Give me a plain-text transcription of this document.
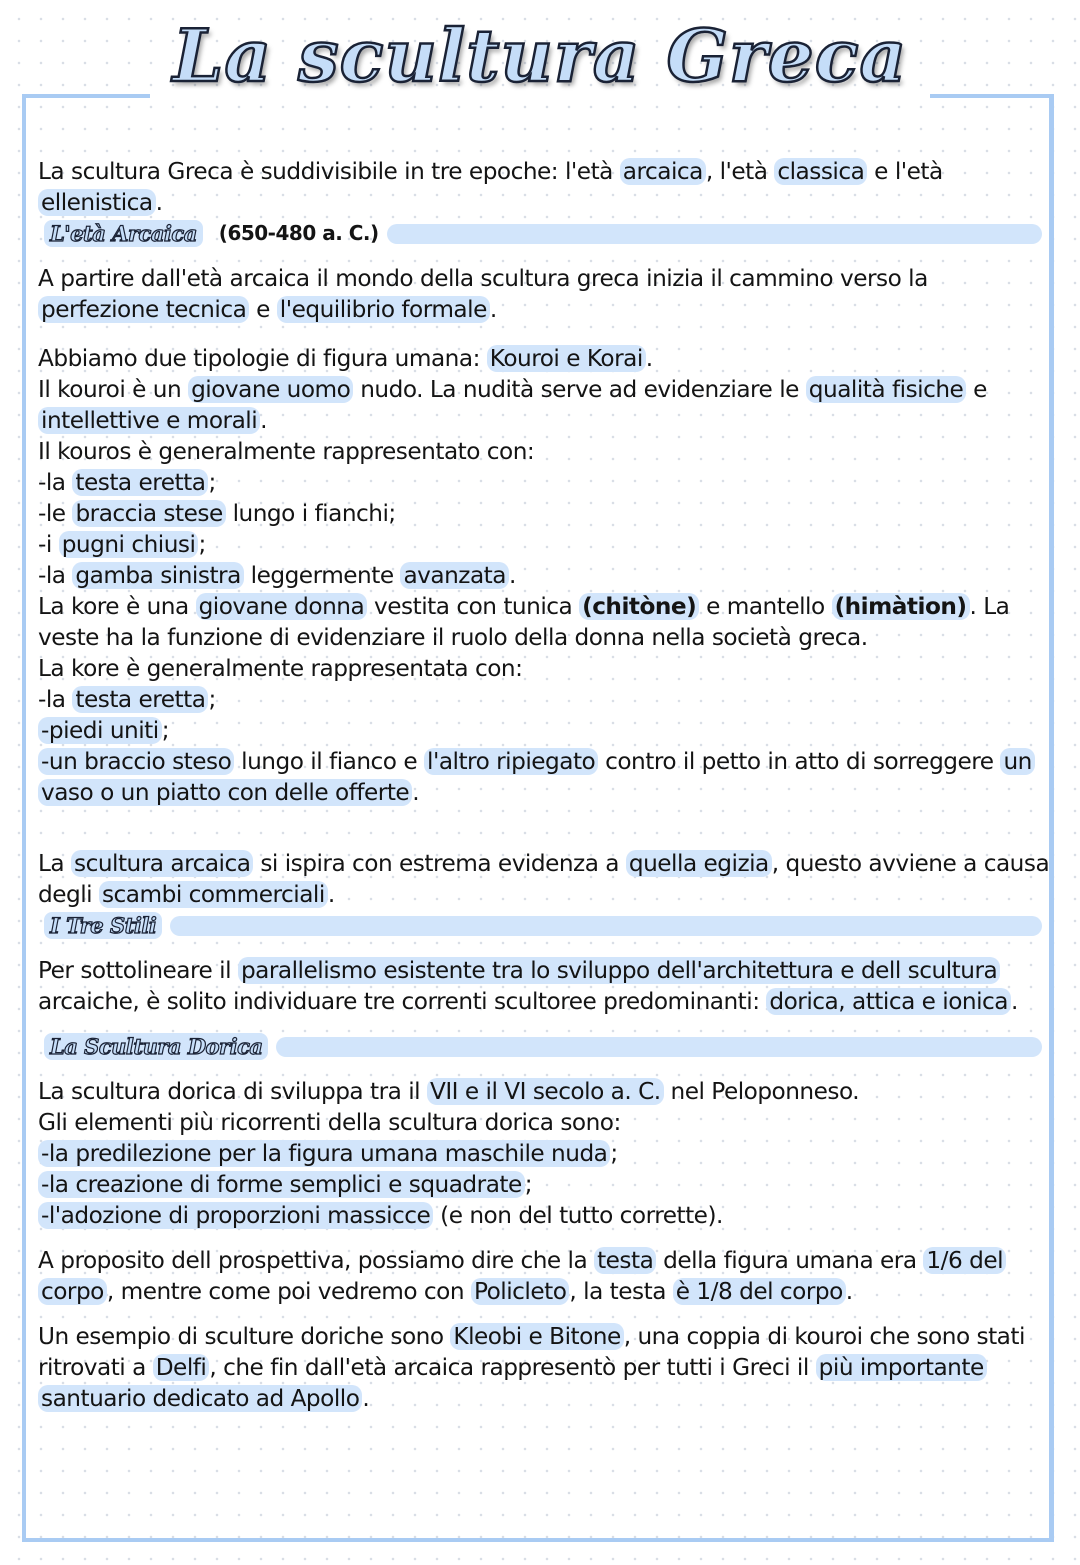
La scultura Greca

La scultura Greca è suddivisibile in tre epoche: l'età arcaica , l'età classica e l'età ellenistica .

L'età Arcaica	(650-480 a. C.)

A partire dall'età arcaica il mondo della scultura greca inizia il cammino verso la perfezione tecnica e l'equilibrio formale .

Abbiamo due tipologie di figura umana: Kouroi e Korai .

Il kouroi è un giovane uomo nudo. La nudità serve ad evidenziare le qualità fisiche e intellettive e morali .

Il kouros è generalmente rappresentato con:

-la testa eretta ;

-le braccia stese lungo i fianchi;

-i pugni chiusi ;

-la gamba sinistra leggermente avanzata .

La kore è una giovane donna vestita con tunica (chitòne) e mantello (himàtion) . La veste ha la funzione di evidenziare il ruolo della donna nella società greca.

La kore è generalmente rappresentata con:

-la testa eretta ;

-piedi uniti ;

-un braccio steso lungo il fianco e l'altro ripiegato contro il petto in atto di sorreggere un vaso o un piatto con delle offerte .

La scultura arcaica si ispira con estrema evidenza a quella egizia , questo avviene a causa degli scambi commerciali .

I Tre Stili

Per sottolineare il parallelismo esistente tra lo sviluppo dell'architettura e dell scultura arcaiche, è solito individuare tre correnti scultoree predominanti: dorica, attica e ionica .

La Scultura Dorica

La scultura dorica di sviluppa tra il VII e il VI secolo a. C. nel Peloponneso.

Gli elementi più ricorrenti della scultura dorica sono:

-la predilezione per la figura umana maschile nuda ;

-la creazione di forme semplici e squadrate ;

-l'adozione di proporzioni massicce (e non del tutto corrette).

A proposito dell prospettiva, possiamo dire che la testa della figura umana era 1/6 del corpo , mentre come poi vedremo con Policleto , la testa è 1/8 del corpo .

Un esempio di sculture doriche sono Kleobi e Bitone , una coppia di kouroi che sono stati ritrovati a Delfi , che fin dall'età arcaica rappresentò per tutti i Greci il più importante santuario dedicato ad Apollo .
